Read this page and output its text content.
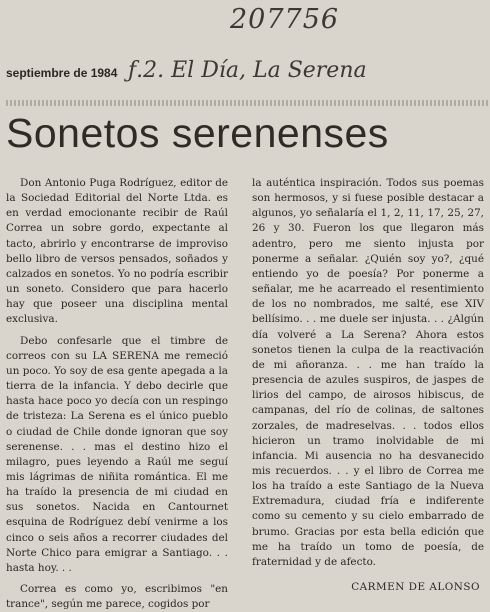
207756
septiembre de 1984 ƒ.2. El Día, La Serena
Sonetos serenenses

Don Antonio Puga Rodríguez, editor de la Sociedad Editorial del Norte Ltda. es en verdad emocionante recibir de Raúl Correa un sobre gordo, expectante al tacto, abrirlo y encontrarse de improviso bello libro de versos pensados, soñados y calzados en sonetos. Yo no podría escribir un soneto. Considero que para hacerlo hay que poseer una disciplina mental exclusiva.

Debo confesarle que el timbre de correos con su LA SERENA me remeció un poco. Yo soy de esa gente apegada a la tierra de la infancia. Y debo decirle que hasta hace poco yo decía con un respingo de tristeza: La Serena es el único pueblo o ciudad de Chile donde ignoran que soy serenense. . . mas el destino hizo el milagro, pues leyendo a Raúl me seguí mis lágrimas de niñita romántica. El me ha traído la presencia de mi ciudad en sus sonetos. Nacida en Cantournet esquina de Rodríguez debí venirme a los cinco o seis años a recorrer ciudades del Norte Chico para emigrar a Santiago. . . hasta hoy. . .

Correa es como yo, escribimos "en trance", según me parece, cogidos por

la auténtica inspiración. Todos sus poemas son hermosos, y si fuese posible destacar a algunos, yo señalaría el 1, 2, 11, 17, 25, 27, 26 y 30. Fueron los que llegaron más adentro, pero me siento injusta por ponerme a señalar. ¿Quién soy yo?, ¿qué entiendo yo de poesía? Por ponerme a señalar, me he acarreado el resentimiento de los no nombrados, me salté, ese XIV bellísimo. . . me duele ser injusta. . . ¿Algún día volveré a La Serena? Ahora estos sonetos tienen la culpa de la reactivación de mi añoranza. . . me han traído la presencia de azules suspiros, de jaspes de lirios del campo, de airosos hibiscus, de campanas, del río de colinas, de saltones zorzales, de madreselvas. . . todos ellos hicieron un tramo inolvidable de mi infancia. Mi ausencia no ha desvanecido mis recuerdos. . . y el libro de Correa me los ha traído a este Santiago de la Nueva Extremadura, ciudad fría e indiferente como su cemento y su cielo embarrado de brumo. Gracias por esta bella edición que me ha traído un tomo de poesía, de fraternidad y de afecto.

CARMEN DE ALONSO
